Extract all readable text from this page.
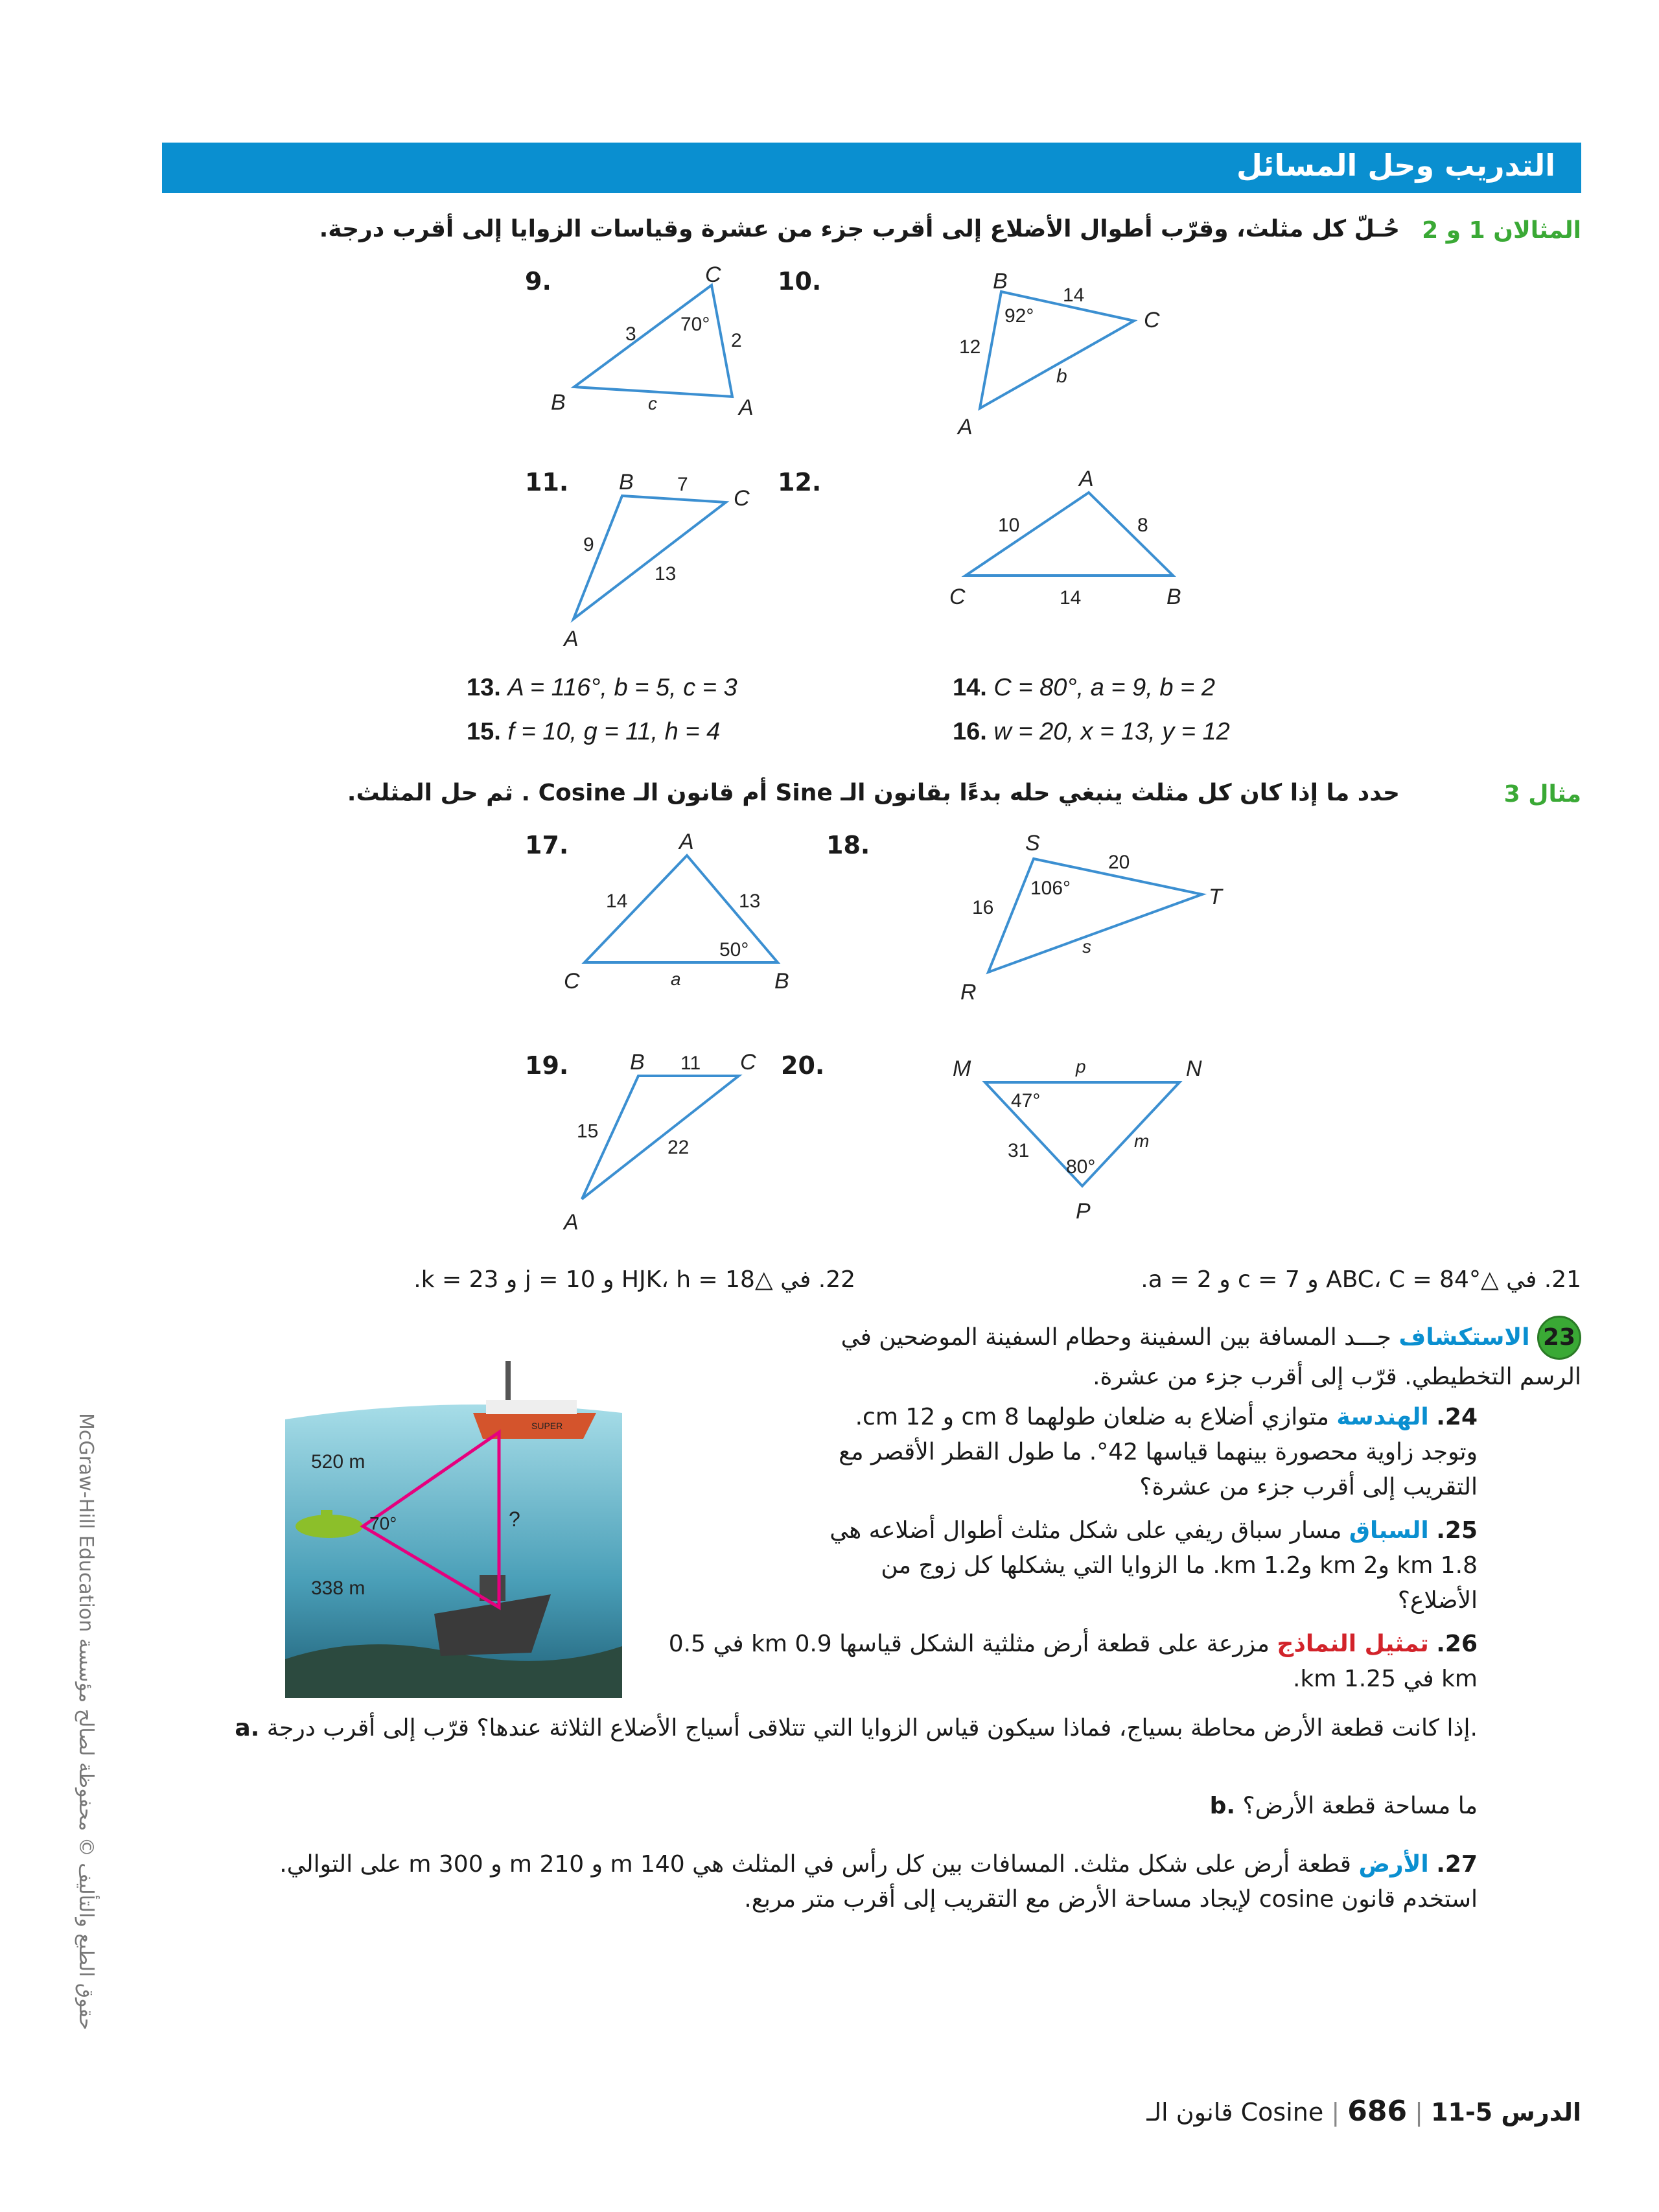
التدريب وحل المسائل
المثالان 1 و 2
حُـلّ كل مثلث، وقرّب أطوال الأضلاع إلى أقرب جزء من عشرة وقياسات الزوايا إلى أقرب درجة.
9.	C
B	A
70°
3	2
c
10.	B
C
A
92°
14
12
b
11. B
C
A
7
9
13
12.	A
C	B
10	8
14
13. A = 116°, b = 5, c = 3	14. C = 80°, a = 9, b = 2
15. f = 10, g = 11, h = 4	16. w = 20, x = 13, y = 12
مثال 3
حدد ما إذا كان كل مثلث ينبغي حله بدءًا بقانون الـ Sine أم قانون الـ Cosine . ثم حل المثلث.
17.	A
C	B
50°
14	13
a
18.	S
T
R
106°
20
16
s
19.	B	C
A
11
15
22
20.	M	N
P
47°
80°
p
31	m
21. في △ABC، C = 84° و c = 7 و a = 2.
22. في △HJK، h = 18 و j = 10 و k = 23.
SUPER
520 m
338 m
70°	?
23 الاستكشاف جـــد المسافة بين السفينة وحطام السفينة الموضحين في الرسم التخطيطي. قرّب إلى أقرب جزء من عشرة.
24. الهندسة متوازي أضلاع به ضلعان طولهما 8 cm و 12 cm. وتوجد زاوية محصورة بينهما قياسها 42°. ما طول القطر الأقصر مع التقريب إلى أقرب جزء من عشرة؟
25. السباق مسار سباق ريفي على شكل مثلث أطوال أضلاعه هي 1.8 km و2 km و1.2 km. ما الزوايا التي يشكلها كل زوج من الأضلاع؟
26. تمثيل النماذج مزرعة على قطعة أرض مثلثية الشكل قياسها 0.9 km في 0.5 km في 1.25 km.
a. إذا كانت قطعة الأرض محاطة بسياج، فماذا سيكون قياس الزوايا التي تتلاقى أسياج الأضلاع الثلاثة عندها؟ قرّب إلى أقرب درجة.
b. ما مساحة قطعة الأرض؟
27. الأرض قطعة أرض على شكل مثلث. المسافات بين كل رأس في المثلث هي 140 m و 210 m و 300 m على التوالي. استخدم قانون cosine لإيجاد مساحة الأرض مع التقريب إلى أقرب متر مربع.
McGraw-Hill Education حقوق الطبع والتأليف © محفوظة لصالح مؤسسة
قانون الـ Cosine |	الدرس 5-11 | 686
